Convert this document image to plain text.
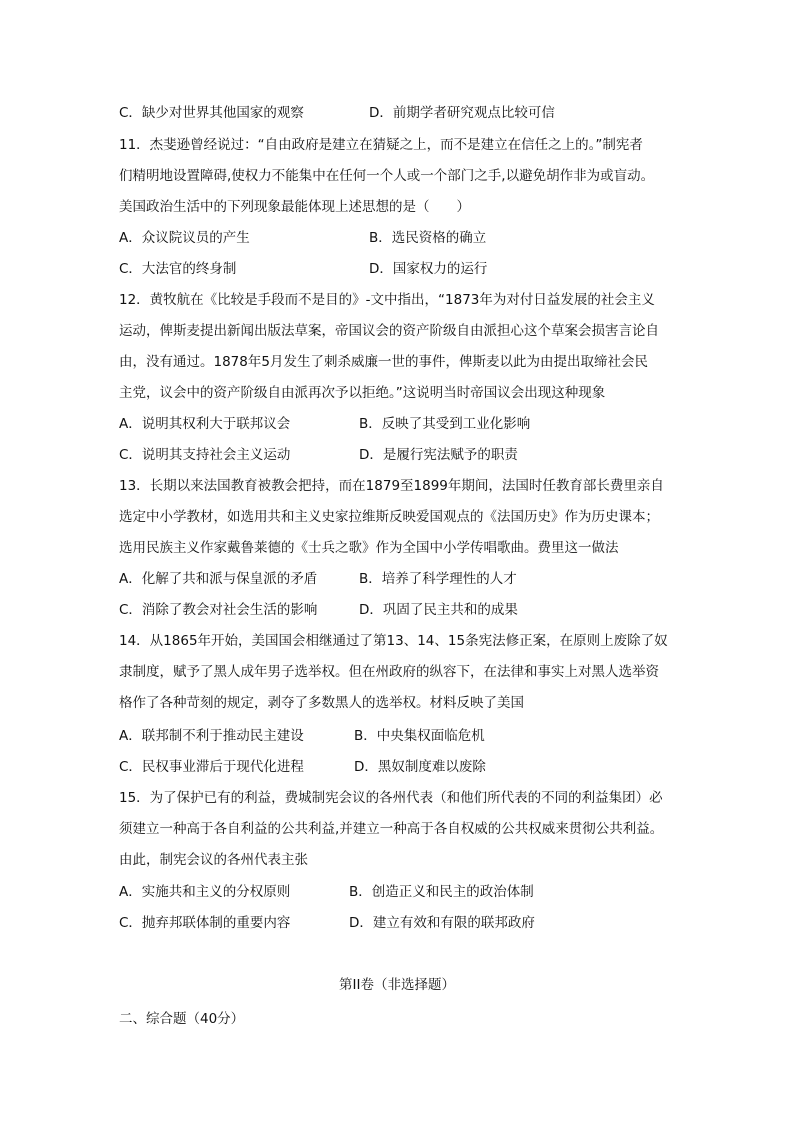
C．缺少对世界其他国家的观察	D．前期学者研究观点比较可信
11．杰斐逊曾经说过：“自由政府是建立在猜疑之上，而不是建立在信任之上的。”制宪者
们精明地设置障碍,使权力不能集中在任何一个人或一个部门之手,以避免胡作非为或盲动。
美国政治生活中的下列现象最能体现上述思想的是（　　）
A．众议院议员的产生	B．选民资格的确立
C．大法官的终身制	D．国家权力的运行
12．黄牧航在《比较是手段而不是目的》-文中指出，“1873年为对付日益发展的社会主义
运动，俾斯麦提出新闻出版法草案，帝国议会的资产阶级自由派担心这个草案会损害言论自
由，没有通过。1878年5月发生了刺杀威廉一世的事件，俾斯麦以此为由提出取缔社会民
主党，议会中的资产阶级自由派再次予以拒绝。”这说明当时帝国议会出现这种现象
A．说明其权利大于联邦议会	B．反映了其受到工业化影响
C．说明其支持社会主义运动	D．是履行宪法赋予的职责
13．长期以来法国教育被教会把持，而在1879至1899年期间，法国时任教育部长费里亲自
选定中小学教材，如选用共和主义史家拉维斯反映爱国观点的《法国历史》作为历史课本；
选用民族主义作家戴鲁莱德的《士兵之歌》作为全国中小学传唱歌曲。费里这一做法
A．化解了共和派与保皇派的矛盾	B．培养了科学理性的人才
C．消除了教会对社会生活的影响	D．巩固了民主共和的成果
14．从1865年开始，美国国会相继通过了第13、14、15条宪法修正案，在原则上废除了奴
隶制度，赋予了黑人成年男子选举权。但在州政府的纵容下，在法律和事实上对黑人选举资
格作了各种苛刻的规定，剥夺了多数黑人的选举权。材料反映了美国
A．联邦制不利于推动民主建设	B．中央集权面临危机
C．民权事业滞后于现代化进程	D．黑奴制度难以废除
15．为了保护已有的利益，费城制宪会议的各州代表（和他们所代表的不同的利益集团）必
须建立一种高于各自利益的公共利益,并建立一种高于各自权威的公共权威来贯彻公共利益。
由此，制宪会议的各州代表主张
A．实施共和主义的分权原则	B．创造正义和民主的政治体制
C．抛弃邦联体制的重要内容	D．建立有效和有限的联邦政府
第II卷（非选择题）
二、综合题（40分）
